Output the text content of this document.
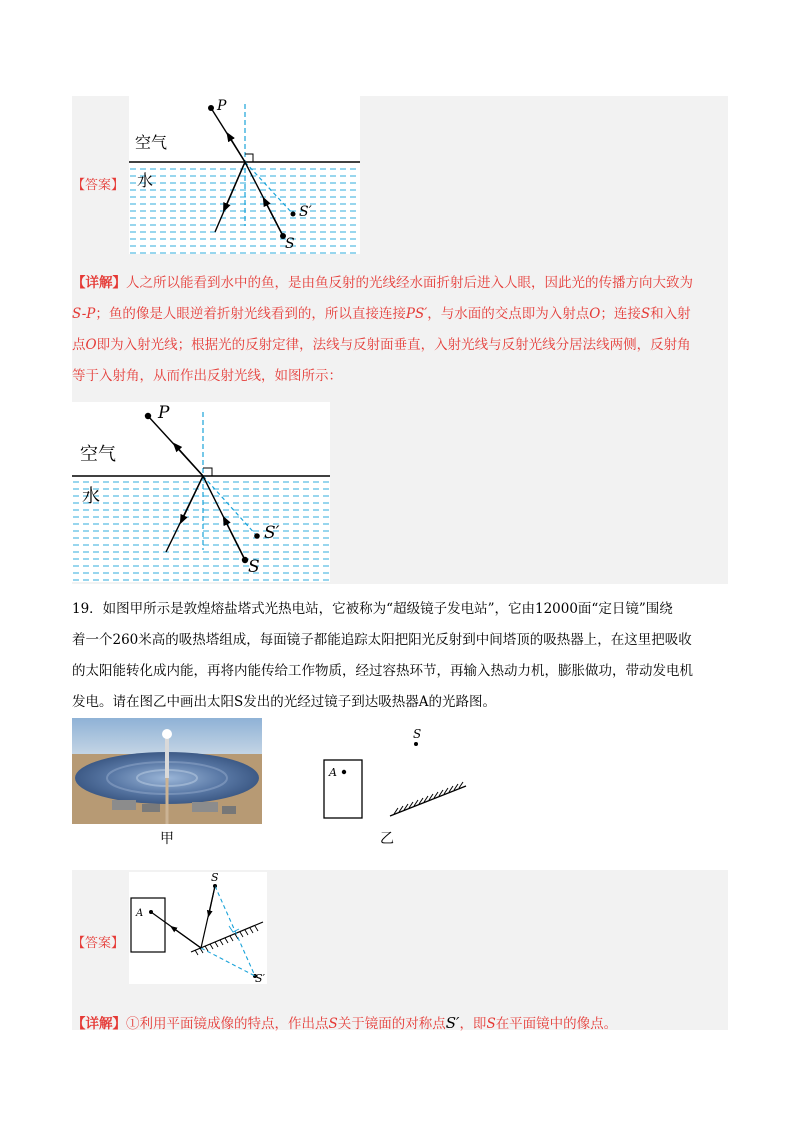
【答案】
空气
水
P
S
S′
【详解】人之所以能看到水中的鱼，是由鱼反射的光线经水面折射后进入人眼，因此光的传播方向大致为
S-P；鱼的像是人眼逆着折射光线看到的，所以直接连接PS′，与水面的交点即为入射点O；连接S和入射
点O即为入射光线；根据光的反射定律，法线与反射面垂直，入射光线与反射光线分居法线两侧，反射角
等于入射角，从而作出反射光线，如图所示：
空气
水
P
S
S′
19．如图甲所示是敦煌熔盐塔式光热电站，它被称为“超级镜子发电站”，它由12000面“定日镜”围绕
着一个260米高的吸热塔组成，每面镜子都能追踪太阳把阳光反射到中间塔顶的吸热器上，在这里把吸收
的太阳能转化成内能，再将内能传给工作物质，经过容热环节，再输入热动力机，膨胀做功，带动发电机
发电。请在图乙中画出太阳S发出的光经过镜子到达吸热器A的光路图。
甲
A
S
乙
【答案】
A
S
S′
【详解】①利用平面镜成像的特点，作出点S关于镜面的对称点S′，即S在平面镜中的像点。
